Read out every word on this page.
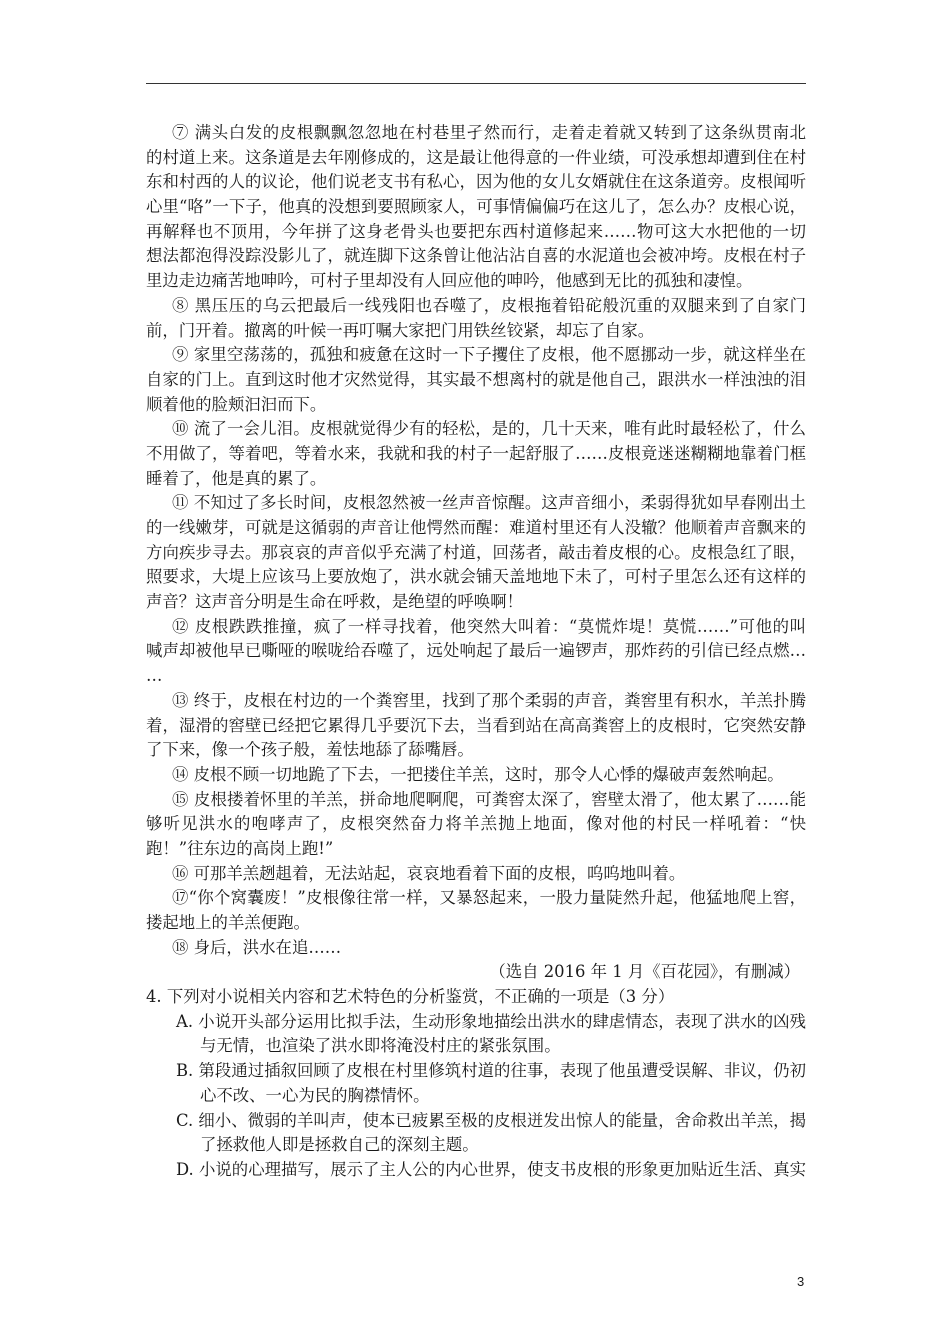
⑦ 满头白发的皮根飘飘忽忽地在村巷里孑然而行，走着走着就又转到了这条纵贯南北
的村道上来。这条道是去年刚修成的，这是最让他得意的一件业绩，可没承想却遭到住在村
东和村西的人的议论，他们说老支书有私心，因为他的女儿女婿就住在这条道旁。皮根闻听
心里“咯”一下子，他真的没想到要照顾家人，可事情偏偏巧在这儿了，怎么办？皮根心说，
再解释也不顶用，今年拼了这身老骨头也要把东西村道修起来……物可这大水把他的一切
想法都泡得没踪没影儿了，就连脚下这条曾让他沾沾自喜的水泥道也会被冲垮。皮根在村子
里边走边痛苦地呻吟，可村子里却没有人回应他的呻吟，他感到无比的孤独和凄惶。
⑧ 黑压压的乌云把最后一线残阳也吞噬了，皮根拖着铅砣般沉重的双腿来到了自家门
前，门开着。撤离的叶候一再叮嘱大家把门用铁丝铰紧，却忘了自家。
⑨ 家里空荡荡的，孤独和疲惫在这时一下子攫住了皮根，他不愿挪动一步，就这样坐在
自家的门上。直到这时他才灾然觉得，其实最不想离村的就是他自己，跟洪水一样浊浊的泪
顺着他的脸颊汩汩而下。
⑩ 流了一会儿泪。皮根就觉得少有的轻松，是的，几十天来，唯有此时最轻松了，什么
不用做了，等着吧，等着水来，我就和我的村子一起舒服了……皮根竟迷迷糊糊地靠着门框
睡着了，他是真的累了。
⑪ 不知过了多长时间，皮根忽然被一丝声音惊醒。这声音细小，柔弱得犹如早春刚出土
的一线嫩芽，可就是这循弱的声音让他愕然而醒：难道村里还有人没辙？他顺着声音飘来的
方向疾步寻去。那哀哀的声音似乎充满了村道，回荡者，敲击着皮根的心。皮根急红了眼，
照要求，大堤上应该马上要放炮了，洪水就会铺天盖地地下未了，可村子里怎么还有这样的
声音？这声音分明是生命在呼救，是绝望的呼唤啊！
⑫ 皮根跌跌推撞，疯了一样寻找着，他突然大叫着：“莫慌炸堤！莫慌……”可他的叫
喊声却被他早已嘶哑的喉咙给吞噬了，远处响起了最后一遍锣声，那炸药的引信已经点燃…
…
⑬ 终于，皮根在村边的一个粪窖里，找到了那个柔弱的声音，粪窖里有积水，羊羔扑腾
着，湿滑的窖壁已经把它累得几乎要沉下去，当看到站在高高粪窖上的皮根时，它突然安静
了下来，像一个孩子般，羞怯地舔了舔嘴唇。
⑭ 皮根不顾一切地跪了下去，一把搂住羊羔，这时，那令人心悸的爆破声轰然响起。
⑮ 皮根搂着怀里的羊羔，拼命地爬啊爬，可粪窖太深了，窖壁太滑了，他太累了……能
够听见洪水的咆哮声了，皮根突然奋力将羊羔抛上地面，像对他的村民一样吼着：“快
跑！”往东边的高岗上跑!”
⑯ 可那羊羔趔趄着，无法站起，哀哀地看着下面的皮根，呜呜地叫着。
⑰“你个窝囊废！”皮根像往常一样，又暴怒起来，一股力量陡然升起，他猛地爬上窖，
搂起地上的羊羔便跑。
⑱ 身后，洪水在追……
（选自 2016 年 1 月《百花园》，有删减）
4. 下列对小说相关内容和艺术特色的分析鉴赏，不正确的一项是（3 分）
A. 小说开头部分运用比拟手法，生动形象地描绘出洪水的肆虐情态，表现了洪水的凶残
与无情，也渲染了洪水即将淹没村庄的紧张氛围。
B. 第段通过插叙回顾了皮根在村里修筑村道的往事，表现了他虽遭受误解、非议，仍初
心不改、一心为民的胸襟情怀。
C. 细小、微弱的羊叫声，使本已疲累至极的皮根迸发出惊人的能量，舍命救出羊羔，揭
了拯救他人即是拯救自己的深刻主题。
D. 小说的心理描写，展示了主人公的内心世界，使支书皮根的形象更加贴近生活、真实
3
